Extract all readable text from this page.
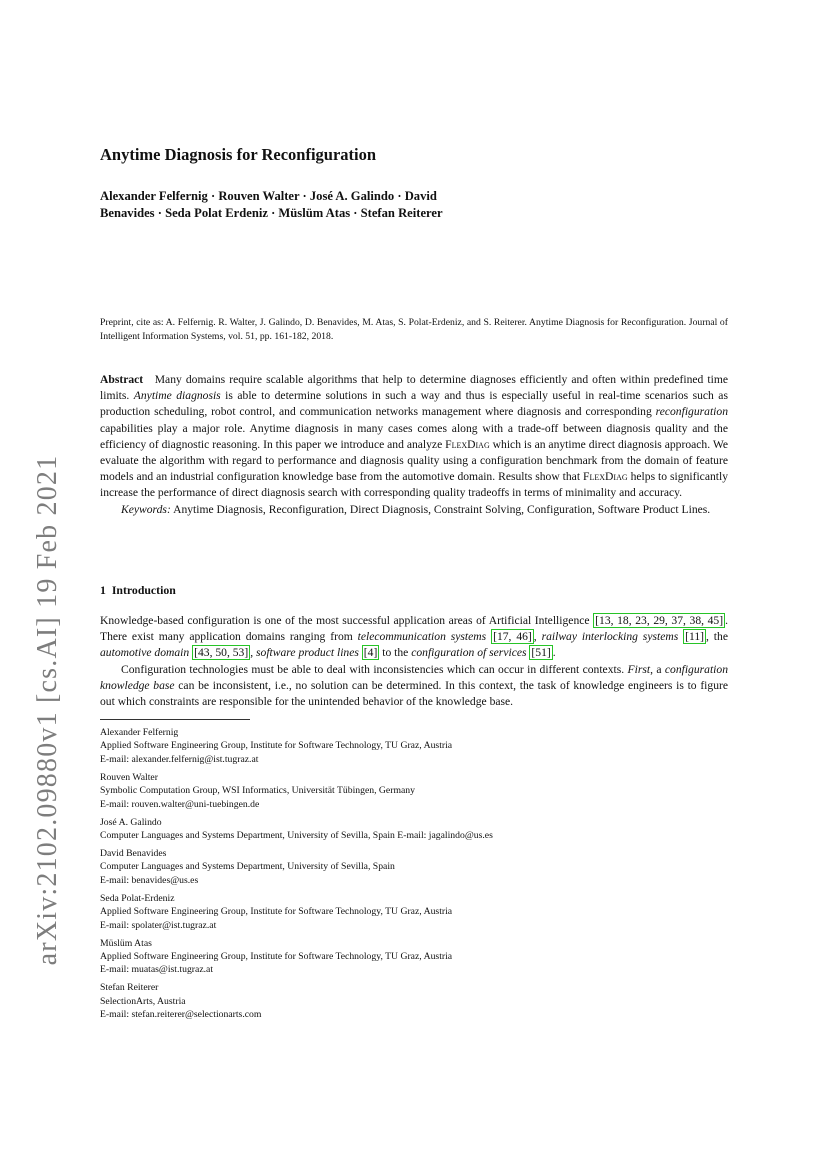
arXiv:2102.09880v1 [cs.AI] 19 Feb 2021
Anytime Diagnosis for Reconfiguration
Alexander Felfernig · Rouven Walter · José A. Galindo · David
Benavides · Seda Polat Erdeniz · Müslüm Atas · Stefan Reiterer
Preprint, cite as: A. Felfernig. R. Walter, J. Galindo, D. Benavides, M. Atas, S. Polat-Erdeniz, and S. Reiterer. Anytime Diagnosis for Reconfiguration. Journal of Intelligent Information Systems, vol. 51, pp. 161-182, 2018.

Abstract  Many domains require scalable algorithms that help to determine diagnoses efficiently and often within predefined time limits. Anytime diagnosis is able to determine solutions in such a way and thus is especially useful in real-time scenarios such as production scheduling, robot control, and communication networks management where diagnosis and corresponding reconfiguration capabilities play a major role. Anytime diagnosis in many cases comes along with a trade-off between diagnosis quality and the efficiency of diagnostic reasoning. In this paper we introduce and analyze FlexDiag which is an anytime direct diagnosis approach. We evaluate the algorithm with regard to performance and diagnosis quality using a configuration benchmark from the domain of feature models and an industrial configuration knowledge base from the automotive domain. Results show that FlexDiag helps to significantly increase the performance of direct diagnosis search with corresponding quality tradeoffs in terms of minimality and accuracy.

Keywords: Anytime Diagnosis, Reconfiguration, Direct Diagnosis, Constraint Solving, Configuration, Software Product Lines.

1  Introduction

Knowledge-based configuration is one of the most successful application areas of Artificial Intelligence [13, 18, 23, 29, 37, 38, 45] . There exist many application domains ranging from telecommunication systems [17, 46] , railway interlocking systems [11] , the automotive domain [43, 50, 53] , software product lines [4] to the configuration of services [51] .

Configuration technologies must be able to deal with inconsistencies which can occur in different contexts. First, a configuration knowledge base can be inconsistent, i.e., no solution can be determined. In this context, the task of knowledge engineers is to figure out which constraints are responsible for the unintended behavior of the knowledge base.

Alexander Felfernig
Applied Software Engineering Group, Institute for Software Technology, TU Graz, Austria
E-mail: alexander.felfernig@ist.tugraz.at
Rouven Walter
Symbolic Computation Group, WSI Informatics, Universität Tübingen, Germany
E-mail: rouven.walter@uni-tuebingen.de
José A. Galindo
Computer Languages and Systems Department, University of Sevilla, Spain E-mail: jagalindo@us.es
David Benavides
Computer Languages and Systems Department, University of Sevilla, Spain
E-mail: benavides@us.es
Seda Polat-Erdeniz
Applied Software Engineering Group, Institute for Software Technology, TU Graz, Austria
E-mail: spolater@ist.tugraz.at
Müslüm Atas
Applied Software Engineering Group, Institute for Software Technology, TU Graz, Austria
E-mail: muatas@ist.tugraz.at
Stefan Reiterer
SelectionArts, Austria
E-mail: stefan.reiterer@selectionarts.com
